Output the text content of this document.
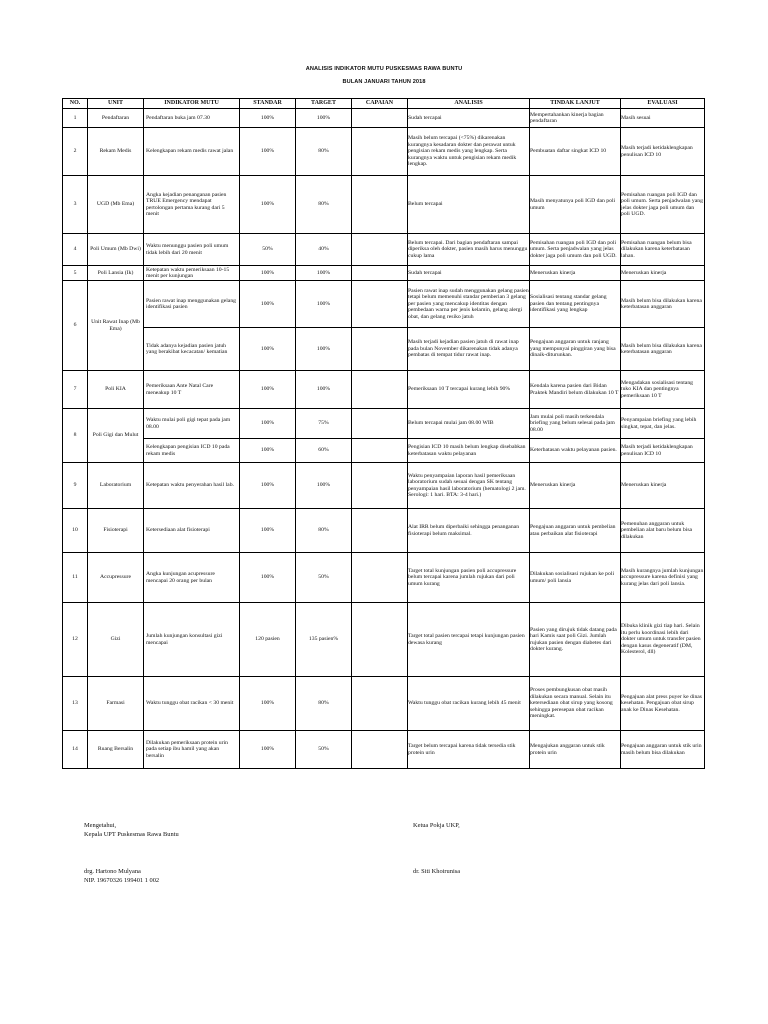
ANALISIS INDIKATOR MUTU PUSKESMAS RAWA BUNTU
BULAN JANUARI TAHUN 2018
NO.	UNIT	INDIKATOR MUTU	STANDAR	TARGET	CAPAIAN	ANALISIS	TINDAK LANJUT	EVALUASI
1	Pendaftaran	Pendaftaran buka jam 07.30	100%	100%		Sudah tercapai	Mempertahankan kinerja bagian pendaftaran	Masih sesuai
2	Rekam Medis	Kelengkapan rekam medis rawat jalan	100%	80%		Masih belum tercapai (<75%) dikarenakan kurangnya kesadaran dokter dan perawat untuk pengisian rekam medis yang lengkap. Serta kurangnya waktu untuk pengisian rekam medik lengkap.	Pembuatan daftar singkat ICD 10	Masih terjadi ketidaklengkapan penulisan ICD 10
3	UGD (Mb Ema)	Angka kejadian penanganan pasien TRUE Emergency mendapat pertolongan pertama kurang dari 5 menit	100%	80%		Belum tercapai	Masih menyatunya poli IGD dan poli umum	Pemisahan ruangan poli IGD dan poli umum. Serta penjadwalan yang jelas dokter jaga poli umum dan poli UGD.
4	Poli Umum (Mb Dwi)	Waktu menunggu pasien poli umum tidak lebih dari 20 menit	50%	40%		Belum tercapai. Dari bagian pendaftaran sampai diperiksa oleh dokter, pasien masih harus menunggu cukup lama	Pemisahan ruangan poli IGD dan poli umum. Serta penjadwalan yang jelas dokter jaga poli umum dan poli UGD.	Pemisahan ruangan belum bisa dilakukan karena keterbatasan lahan.
5	Poli Lansia (Ik)	Ketepatan waktu pemeriksaan 10-15 menit per kunjungan	100%	100%		Sudah tercapai	Meneruskan kinerja	Meneruskan kinerja
6	Unit Rawat Inap (Mb Ema)	Pasien rawat inap menggunakan gelang identifikasi pasien	100%	100%		Pasien rawat inap sudah menggunakan gelang pasien tetapi belum memenuhi standar pemberian 3 gelang per pasien yang mencakup identitas dengan pembedaan warna per jenis kelamin, gelang alergi obat, dan gelang resiko jatuh	Sosialisasi tentang standar gelang pasien dan tentang pentingnya identifikasi yang lengkap	Masih belum bisa dilakukan karena keterbatasan anggaran

		Tidak adanya kejadian pasien jatuh yang berakibat kecacatan/ kematian	100%	100%		Masih terjadi kejadian pasien jatuh di rawat inap pada bulan November dikarenakan tidak adanya pembatas di tempat tidur rawat inap.	Pengajuan anggaran untuk ranjang yang mempunyai pinggiran yang bisa dinaik-diturunkan.	Masih belum bisa dilakukan karena keterbatasan anggaran
7	Poli KIA	Pemeriksaan Ante Natal Care meneakup 10 T	100%	100%		Pemeriksaan 10 T tercapai kurang lebih 90%	Kendala karena pasien dari Bidan Praktek Mandiri belum dilakukan 10 T	Mengadakan sosialisasi tentang tuko KIA dan pentingnya pemeriksaan 10 T
8	Poli Gigi dan Mulut	Waktu mulai poli gigi tepat pada jam 08.00	100%	75%		Belum tercapai mulai jam 08.00 WIB	Jam mulai poli masih terkendala briefing yang belum selesai pada jam 08.00	Penyampaian briefing yang lebih singkat, tepat, dan jelas.

		Kelengkapan pengisian ICD 10 pada rekam medis	100%	60%		Pengisian ICD 10 masih belum lengkap disebabkan keterbatasan waktu pelayanan	Keterbatasan waktu pelayanan pasien.	Masih terjadi ketidaklengkapan penulisan ICD 10
9	Laboratorium	Ketepatan waktu penyerahan hasil lab.	100%	100%		Waktu penyampaian laporan hasil pemeriksaan laboratorium sudah sesuai dengan SK tentang penyampaian hasil laboratorium (hematologi 2 jam. Serologi: 1 hari. BTA: 3-4 hari.)	Meneruskan kinerja	Meneruskan kinerja
10	Fisioterapi	Ketersediaan alat fisioterapi	100%	80%		Alat IRR belum diperbaiki sehingga penanganan fisioterapi belum maksimal.	Pengajuan anggaran untuk pembelian atau perbaikan alat fisioterapi	Pemenuhan anggaran untuk pembelian alat baru belum bisa dilakukan
11	Accupressure	Angka kunjungan acupressure mencapai 20 orang per bulan	100%	50%		Target total kunjungan pasien poli accupressure belum tercapai karena jumlah rujukan dari poli umum kurang	Dilakukan sosialisasi rujukan ke poli umum/ poli lansia	Masih kurangnya jumlah kunjungan accupressure karena definisi yang kurang jelas dari poli lansia.
12	Gizi	Jumlah kunjungan konsultasi gizi mencapai	120 pasien	135 pasien%		Target total pasien tercapai tetapi kunjungan pasien dewasa kurang	Pasien yang dirujuk tidak datang pada hari Kamis saat poli Gizi. Jumlah rujukan pasien dengan diabetes dari dokter kurang.	Dibuka klinik gizi tiap hari. Selain itu perlu koordinasi lebih dari dokter umum untuk transfer pasien dengan kasus degeneratif (DM, Kolesterol, dll)
13	Farmasi	Waktu tunggu obat racikan < 30 menit	100%	80%		Waktu tunggu obat racikan kurang lebih 45 menit	Proses pembungkusan obat masih dilakukan secara manual. Selain itu ketersediaan obat sirup yang kosong sehingga peresepan obat racikan meningkat.	Pengajuan alat press puyer ke dinas kesehatan. Pengajuan obat sirup anak ke Dinas Kesehatan.
14	Ruang Bersalin	Dilakukan pemeriksaan protein urin pada setiap ibu hamil yang akan bersalin	100%	50%		Target belum tercapai karena tidak tersedia stik protein urin	Mengajukan anggaran untuk stik protein urin	Pengajuan anggaran untuk stik urin masih belum bisa dilakukan
Mengetahui,
Kepala UPT Puskesmas Rawa Buntu
drg. Hartono Mulyana
NIP. 19670326 199401 1 002
Ketua Pokja UKP,
dr. Siti Khoirunisa
